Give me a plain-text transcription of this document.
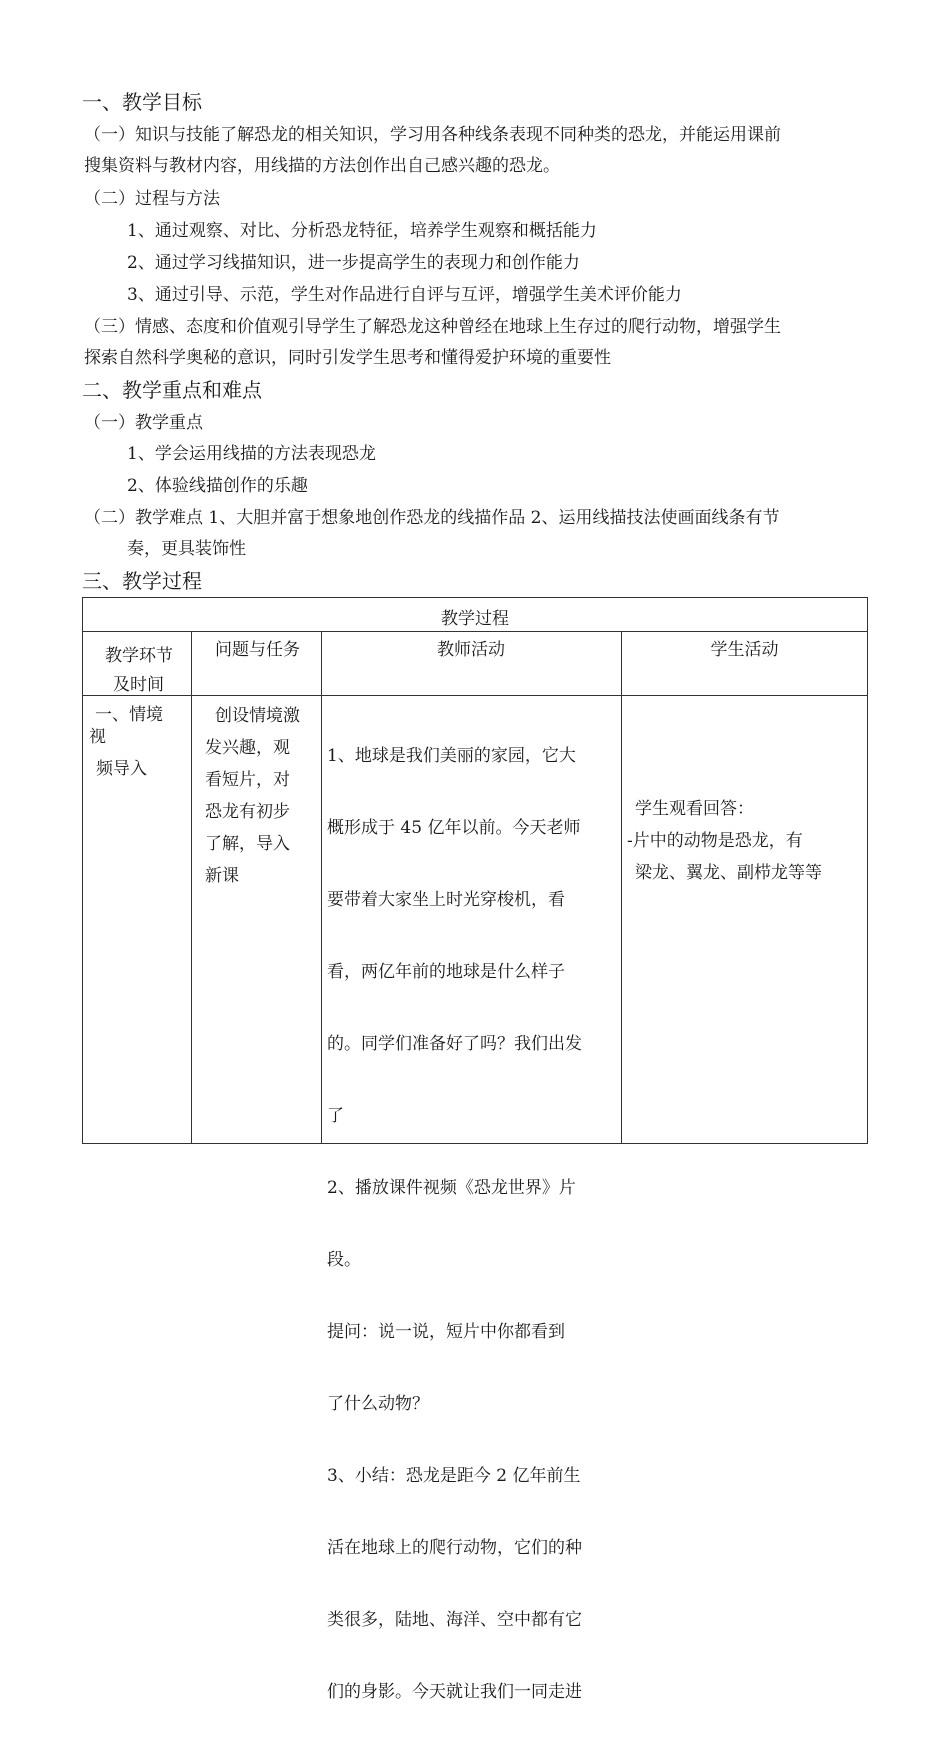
一、教学目标
（一）知识与技能了解恐龙的相关知识，学习用各种线条表现不同种类的恐龙，并能运用课前
搜集资料与教材内容，用线描的方法创作出自己感兴趣的恐龙。
（二）过程与方法
1、通过观察、对比、分析恐龙特征，培养学生观察和概括能力
2、通过学习线描知识，进一步提高学生的表现力和创作能力
3、通过引导、示范，学生对作品进行自评与互评，增强学生美术评价能力
（三）情感、态度和价值观引导学生了解恐龙这种曾经在地球上生存过的爬行动物，增强学生
探索自然科学奥秘的意识，同时引发学生思考和懂得爱护环境的重要性
二、教学重点和难点
（一）教学重点
1、学会运用线描的方法表现恐龙
2、体验线描创作的乐趣
（二）教学难点 1、大胆并富于想象地创作恐龙的线描作品 2、运用线描技法使画面线条有节
奏，更具装饰性
三、教学过程
教学过程
教学环节
及时间
问题与任务	教师活动	学生活动
一、情境
视
频导入
创设情境激
发兴趣，观
看短片，对
恐龙有初步
了解，导入
新课

1、地球是我们美丽的家园，它大

概形成于 45 亿年以前。今天老师

要带着大家坐上时光穿梭机，看

看，两亿年前的地球是什么样子

的。同学们准备好了吗？我们出发

了

2、播放课件视频《恐龙世界》片

段。

提问：说一说，短片中你都看到

了什么动物？

3、小结：恐龙是距今 2 亿年前生

活在地球上的爬行动物，它们的种

类很多，陆地、海洋、空中都有它

们的身影。今天就让我们一同走进

学生观看回答：
-片中的动物是恐龙，有
梁龙、翼龙、副栉龙等等
